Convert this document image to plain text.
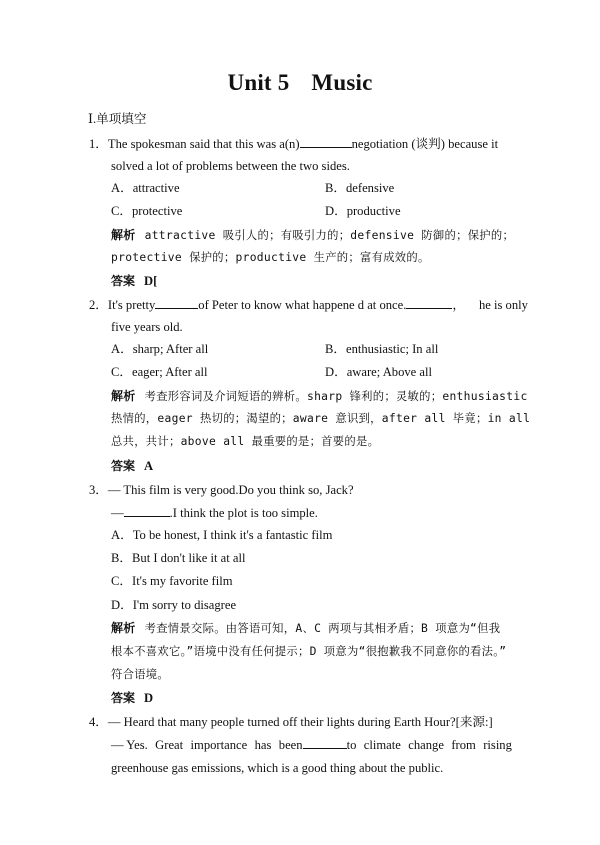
Unit 5 Music
Ⅰ.单项填空
1．The spokesman said that this was a(n)	negotiation (谈判) because it
solved a lot of problems between the two sides.
A．attractive	B．defensive
C．protective	D．productive
解析 attractive 吸引人的；有吸引力的；defensive 防御的；保护的；
protective 保护的；productive 生产的；富有成效的。
答案 D[
2．It's pretty	of Peter to know what happene d at once.	， he is only
five years old.
A．sharp; After all	B．enthusiastic; In all
C．eager; After all	D．aware; Above all
解析 考查形容词及介词短语的辨析。sharp 锋利的；灵敏的；enthusiastic
热情的，eager 热切的；渴望的；aware 意识到，after all 毕竟；in all
总共，共计；above all 最重要的是；首要的是。
答案 A
3．— This film is very good.Do you think so, Jack?
—	.I think the plot is too simple.
A．To be honest, I think it's a fantastic film
B．But I don't like it at all
C．It's my favorite film
D．I'm sorry to disagree
解析 考查情景交际。由答语可知，A、C 两项与其相矛盾；B 项意为“但我
根本不喜欢它。”语境中没有任何提示；D 项意为“很抱歉我不同意你的看法。”
符合语境。
答案 D
4．— Heard that many people turned off their lights during Earth Hour?[来源:]
— Yes. Great importance has been	to climate change from rising
greenhouse gas emissions, which is a good thing about the public.
